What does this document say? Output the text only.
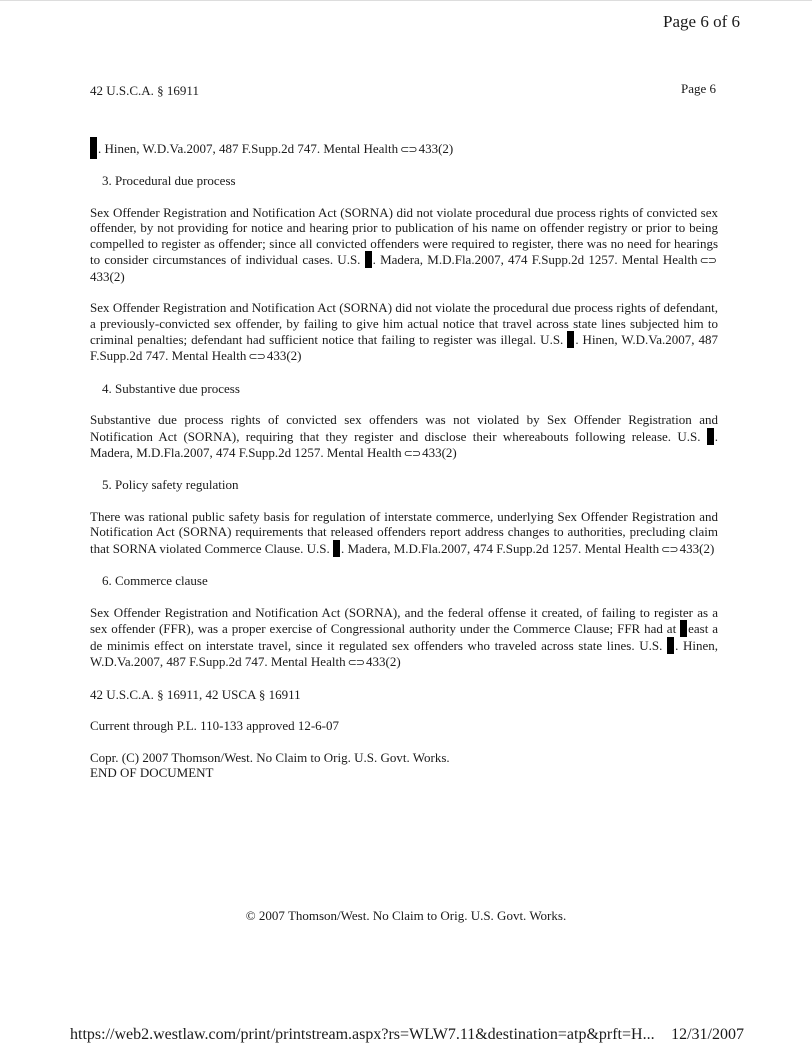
Page 6 of 6
42 U.S.C.A. § 16911	Page 6

. Hinen, W.D.Va.2007, 487 F.Supp.2d 747. Mental Health ⊂⊃ 433(2)

3. Procedural due process

Sex Offender Registration and Notification Act (SORNA) did not violate procedural due process rights of convicted sex offender, by not providing for notice and hearing prior to publication of his name on offender registry or prior to being compelled to register as offender; since all convicted offenders were required to register, there was no need for hearings to consider circumstances of individual cases. U.S. . Madera, M.D.Fla.2007, 474 F.Supp.2d 1257. Mental Health ⊂⊃433(2)

Sex Offender Registration and Notification Act (SORNA) did not violate the procedural due process rights of defendant, a previously-convicted sex offender, by failing to give him actual notice that travel across state lines subjected him to criminal penalties; defendant had sufficient notice that failing to register was illegal. U.S. . Hinen, W.D.Va.2007, 487 F.Supp.2d 747. Mental Health ⊂⊃ 433(2)

4. Substantive due process

Substantive due process rights of convicted sex offenders was not violated by Sex Offender Registration and Notification Act (SORNA), requiring that they register and disclose their whereabouts following release. U.S. . Madera, M.D.Fla.2007, 474 F.Supp.2d 1257. Mental Health ⊂⊃ 433(2)

5. Policy safety regulation

There was rational public safety basis for regulation of interstate commerce, underlying Sex Offender Registration and Notification Act (SORNA) requirements that released offenders report address changes to authorities, precluding claim that SORNA violated Commerce Clause. U.S. . Madera, M.D.Fla.2007, 474 F.Supp.2d 1257. Mental Health ⊂⊃ 433(2)

6. Commerce clause

Sex Offender Registration and Notification Act (SORNA), and the federal offense it created, of failing to register as a sex offender (FFR), was a proper exercise of Congressional authority under the Commerce Clause; FFR had at east a de minimis effect on interstate travel, since it regulated sex offenders who traveled across state lines. U.S. . Hinen, W.D.Va.2007, 487 F.Supp.2d 747. Mental Health ⊂⊃ 433(2)

42 U.S.C.A. § 16911, 42 USCA § 16911

Current through P.L. 110-133 approved 12-6-07

Copr. (C) 2007 Thomson/West. No Claim to Orig. U.S. Govt. Works.

END OF DOCUMENT

© 2007 Thomson/West. No Claim to Orig. U.S. Govt. Works.
https://web2.westlaw.com/print/printstream.aspx?rs=WLW7.11&destination=atp&prft=H... 12/31/2007
